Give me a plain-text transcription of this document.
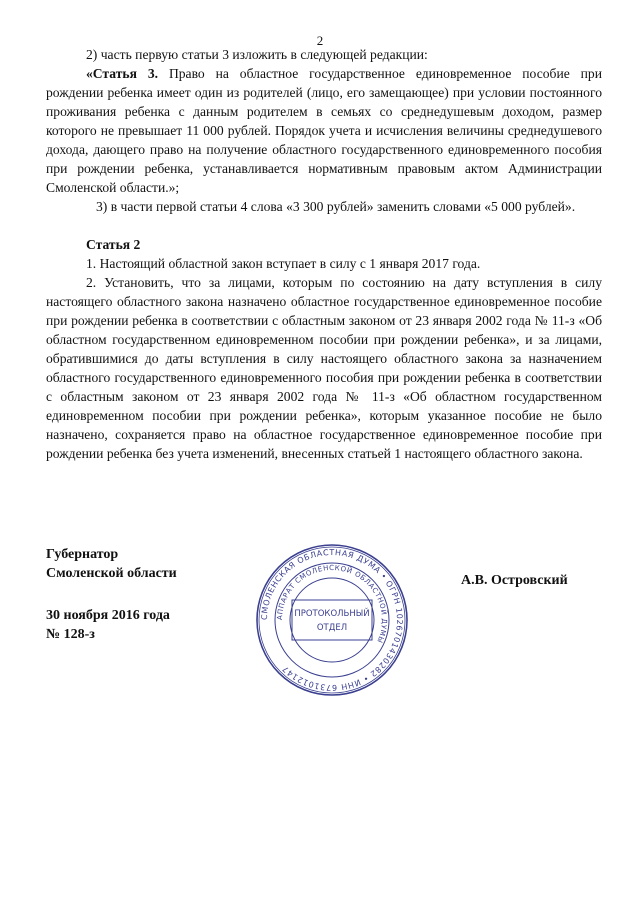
2

2) часть первую статьи 3 изложить в следующей редакции:

«Статья 3. Право на областное государственное единовременное пособие при рождении ребенка имеет один из родителей (лицо, его замещающее) при условии постоянного проживания ребенка с данным родителем в семьях со среднедушевым доходом, размер которого не превышает 11 000 рублей. Порядок учета и исчисления величины среднедушевого дохода, дающего право на получение областного государственного единовременного пособия при рождении ребенка, устанавливается нормативным правовым актом Администрации Смоленской области.»;

3) в части первой статьи 4 слова «3 300 рублей» заменить словами «5 000 рублей».

Статья 2

1. Настоящий областной закон вступает в силу с 1 января 2017 года.

2. Установить, что за лицами, которым по состоянию на дату вступления в силу настоящего областного закона назначено областное государственное единовременное пособие при рождении ребенка в соответствии с областным законом от 23 января 2002 года № 11-з «Об областном государственном единовременном пособии при рождении ребенка», и за лицами, обратившимися до даты вступления в силу настоящего областного закона за назначением областного государственного единовременного пособия при рождении ребенка в соответствии с областным законом от 23 января 2002 года № 11-з «Об областном государственном единовременном пособии при рождении ребенка», которым указанное пособие не было назначено, сохраняется право на областное государственное единовременное пособие при рождении ребенка без учета изменений, внесенных статьей 1 настоящего областного закона.

Губернатор
Смоленской области
30 ноября 2016 года
№ 128-з
А.В. Островский
СМОЛЕНСКАЯ ОБЛАСТНАЯ ДУМА • ОГРН 1026701430282 • ИНН 6731012147
АППАРАТ СМОЛЕНСКОЙ ОБЛАСТНОЙ ДУМЫ
ПРОТОКОЛЬНЫЙ
ОТДЕЛ
